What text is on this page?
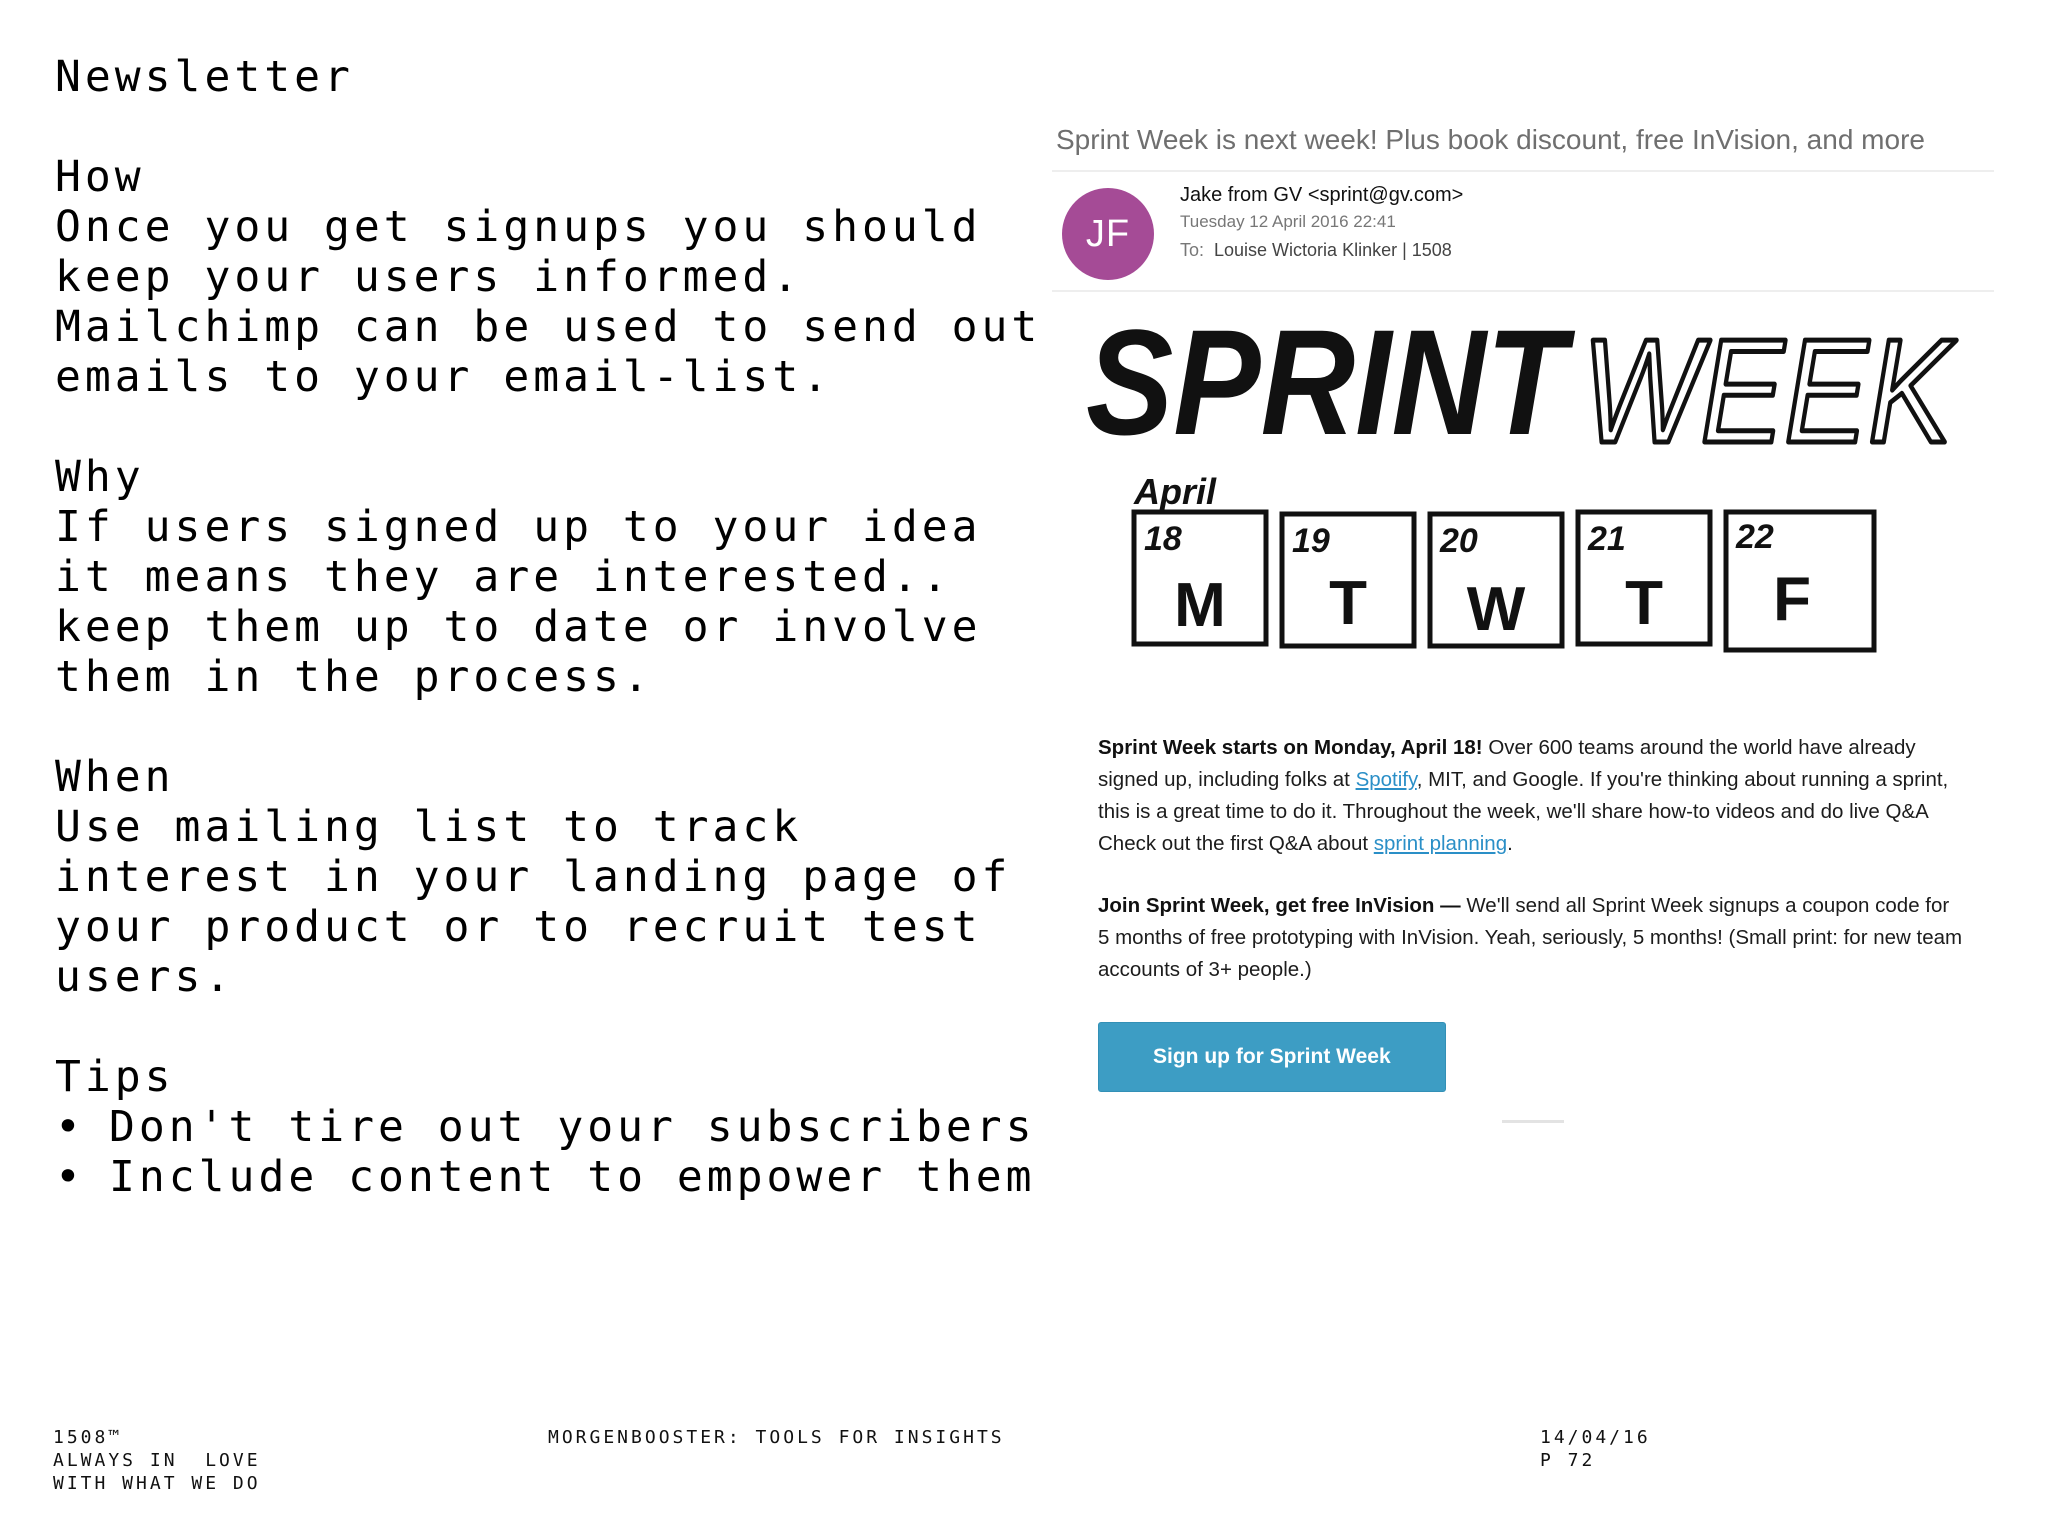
Newsletter

How

Once you get signups you should

keep your users informed.

Mailchimp can be used to send out

emails to your email-list.

Why

If users signed up to your idea

it means they are interested..

keep them up to date or involve

them in the process.

When

Use mailing list to track

interest in your landing page of

your product or to recruit test

users.

Tips

• Don't tire out your subscribers
• Include content to empower them
Sprint Week is next week! Plus book discount, free InVision, and more
JF
Jake from GV <sprint@gv.com>
Tuesday 12 April 2016 22:41
To: Louise Wictoria Klinker | 1508
SPRINT WEEK
April
18
M
19
T
20
W
21
T
22
F

Sprint Week starts on Monday, April 18! Over 600 teams around the world have already signed up, including folks at Spotify, MIT, and Google. If you're thinking about running a sprint, this is a great time to do it. Throughout the week, we'll share how-to videos and do live Q&A Check out the first Q&A about sprint planning.

Join Sprint Week, get free InVision — We'll send all Sprint Week signups a coupon code for 5 months of free prototyping with InVision. Yeah, seriously, 5 months! (Small print: for new team accounts of 3+ people.)

Sign up for Sprint Week
1508™
ALWAYS IN  LOVE
WITH WHAT WE DO
MORGENBOOSTER: TOOLS FOR INSIGHTS	14/04/16
P 72
